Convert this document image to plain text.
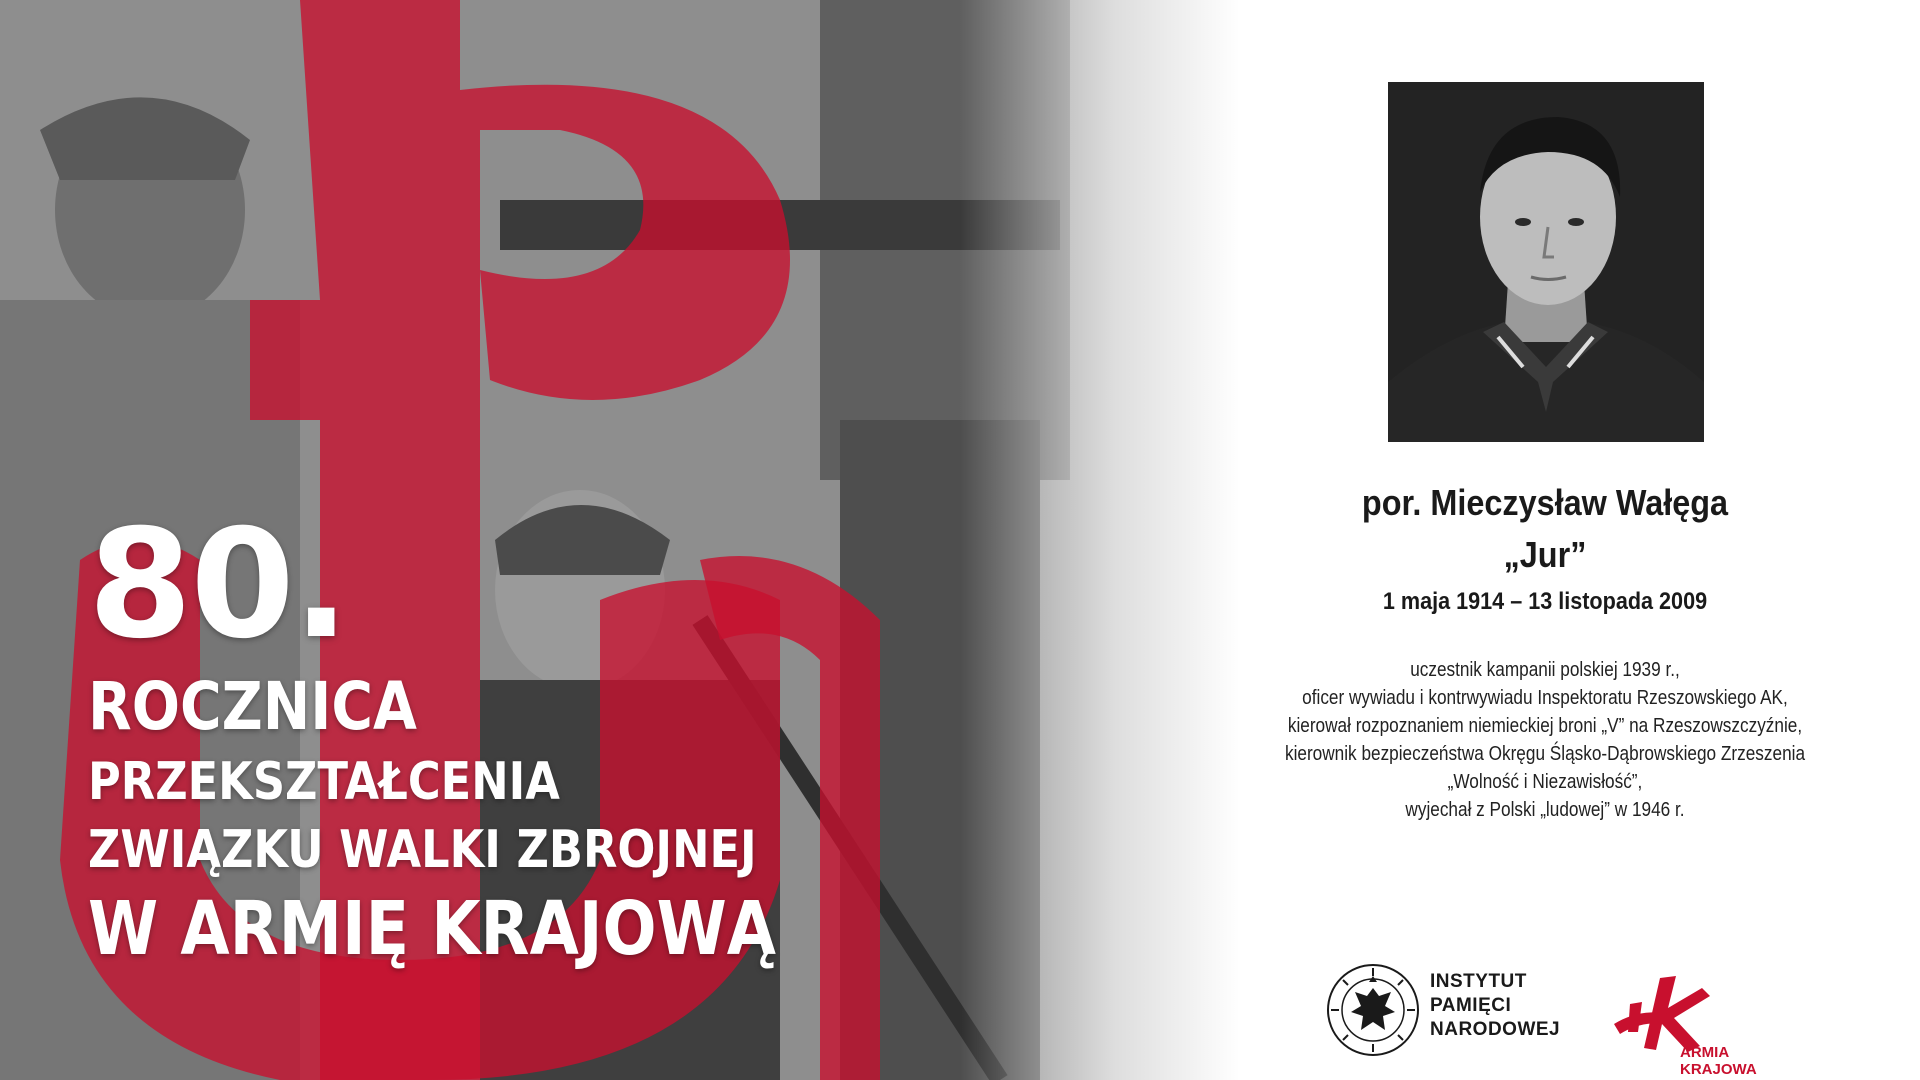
80.
ROCZNICA
PRZEKSZTAŁCENIA
ZWIĄZKU WALKI ZBROJNEJ
W ARMIĘ KRAJOWĄ
por. Mieczysław Wałęga
„Jur”
1 maja 1914 – 13 listopada 2009
uczestnik kampanii polskiej 1939 r.,
oficer wywiadu i kontrwywiadu Inspektoratu Rzeszowskiego AK,
kierował rozpoznaniem niemieckiej broni „V” na Rzeszowszczyźnie,
kierownik bezpieczeństwa Okręgu Śląsko-Dąbrowskiego Zrzeszenia
„Wolność i Niezawisłość”,
wyjechał z Polski „ludowej” w 1946 r.
INSTYTUT
PAMIĘCI
NARODOWEJ
ARMIA
KRAJOWA
